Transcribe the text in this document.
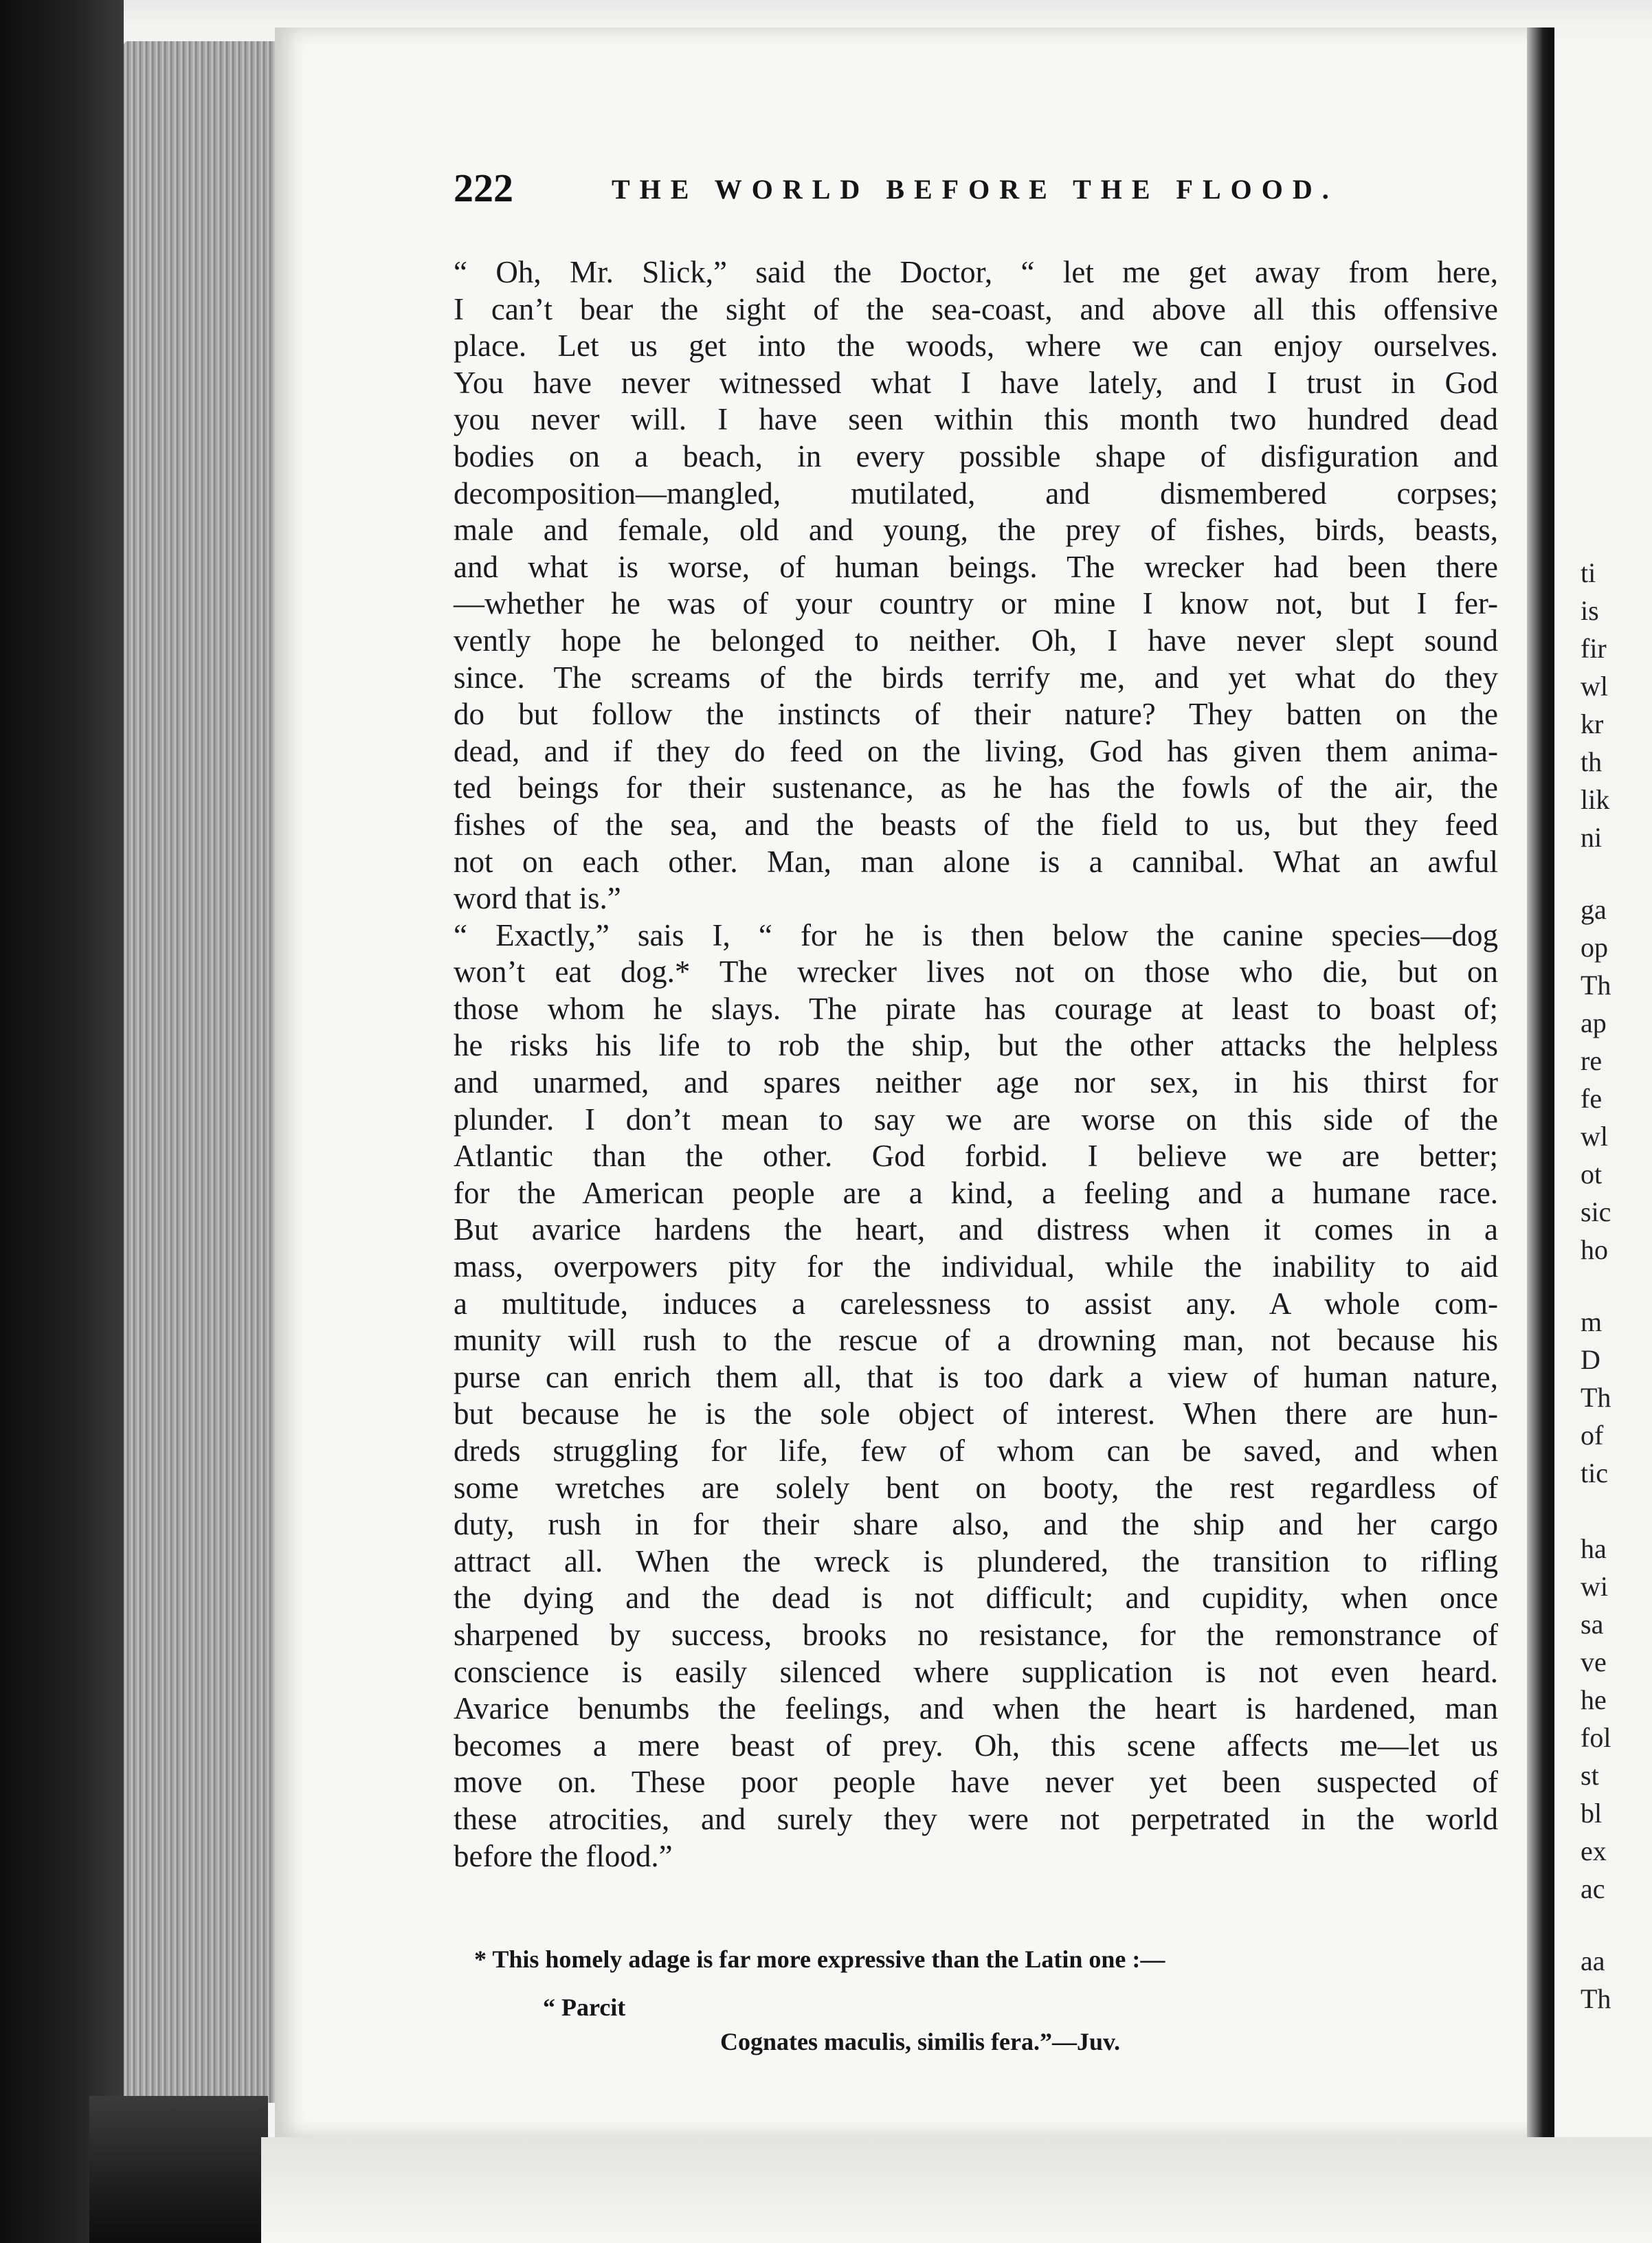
ti
is
fir
wl
kr
th
lik
ni
ga
op
Th
ap
re
fe
wl
ot
sic
ho
m
D
Th
of
tic
ha
wi
sa
ve
he
fol
st
bl
ex
ac
aa
Th
222	THE WORLD BEFORE THE FLOOD.
“ Oh, Mr. Slick,” said the Doctor, “ let me get away from here,
I can’t bear the sight of the sea-coast, and above all this offensive
place. Let us get into the woods, where we can enjoy ourselves.
You have never witnessed what I have lately, and I trust in God
you never will. I have seen within this month two hundred dead
bodies on a beach, in every possible shape of disfiguration and
decomposition—mangled, mutilated, and dismembered corpses;
male and female, old and young, the prey of fishes, birds, beasts,
and what is worse, of human beings. The wrecker had been there
—whether he was of your country or mine I know not, but I fer-
vently hope he belonged to neither. Oh, I have never slept sound
since. The screams of the birds terrify me, and yet what do they
do but follow the instincts of their nature? They batten on the
dead, and if they do feed on the living, God has given them anima-
ted beings for their sustenance, as he has the fowls of the air, the
fishes of the sea, and the beasts of the field to us, but they feed
not on each other. Man, man alone is a cannibal. What an awful
word that is.”
“ Exactly,” sais I, “ for he is then below the canine species—dog
won’t eat dog.* The wrecker lives not on those who die, but on
those whom he slays. The pirate has courage at least to boast of;
he risks his life to rob the ship, but the other attacks the helpless
and unarmed, and spares neither age nor sex, in his thirst for
plunder. I don’t mean to say we are worse on this side of the
Atlantic than the other. God forbid. I believe we are better;
for the American people are a kind, a feeling and a humane race.
But avarice hardens the heart, and distress when it comes in a
mass, overpowers pity for the individual, while the inability to aid
a multitude, induces a carelessness to assist any. A whole com-
munity will rush to the rescue of a drowning man, not because his
purse can enrich them all, that is too dark a view of human nature,
but because he is the sole object of interest. When there are hun-
dreds struggling for life, few of whom can be saved, and when
some wretches are solely bent on booty, the rest regardless of
duty, rush in for their share also, and the ship and her cargo
attract all. When the wreck is plundered, the transition to rifling
the dying and the dead is not difficult; and cupidity, when once
sharpened by success, brooks no resistance, for the remonstrance of
conscience is easily silenced where supplication is not even heard.
Avarice benumbs the feelings, and when the heart is hardened, man
becomes a mere beast of prey. Oh, this scene affects me—let us
move on. These poor people have never yet been suspected of
these atrocities, and surely they were not perpetrated in the world
before the flood.”
* This homely adage is far more expressive than the Latin one :—
“ Parcit
Cognates maculis, similis fera.”—Juv.
